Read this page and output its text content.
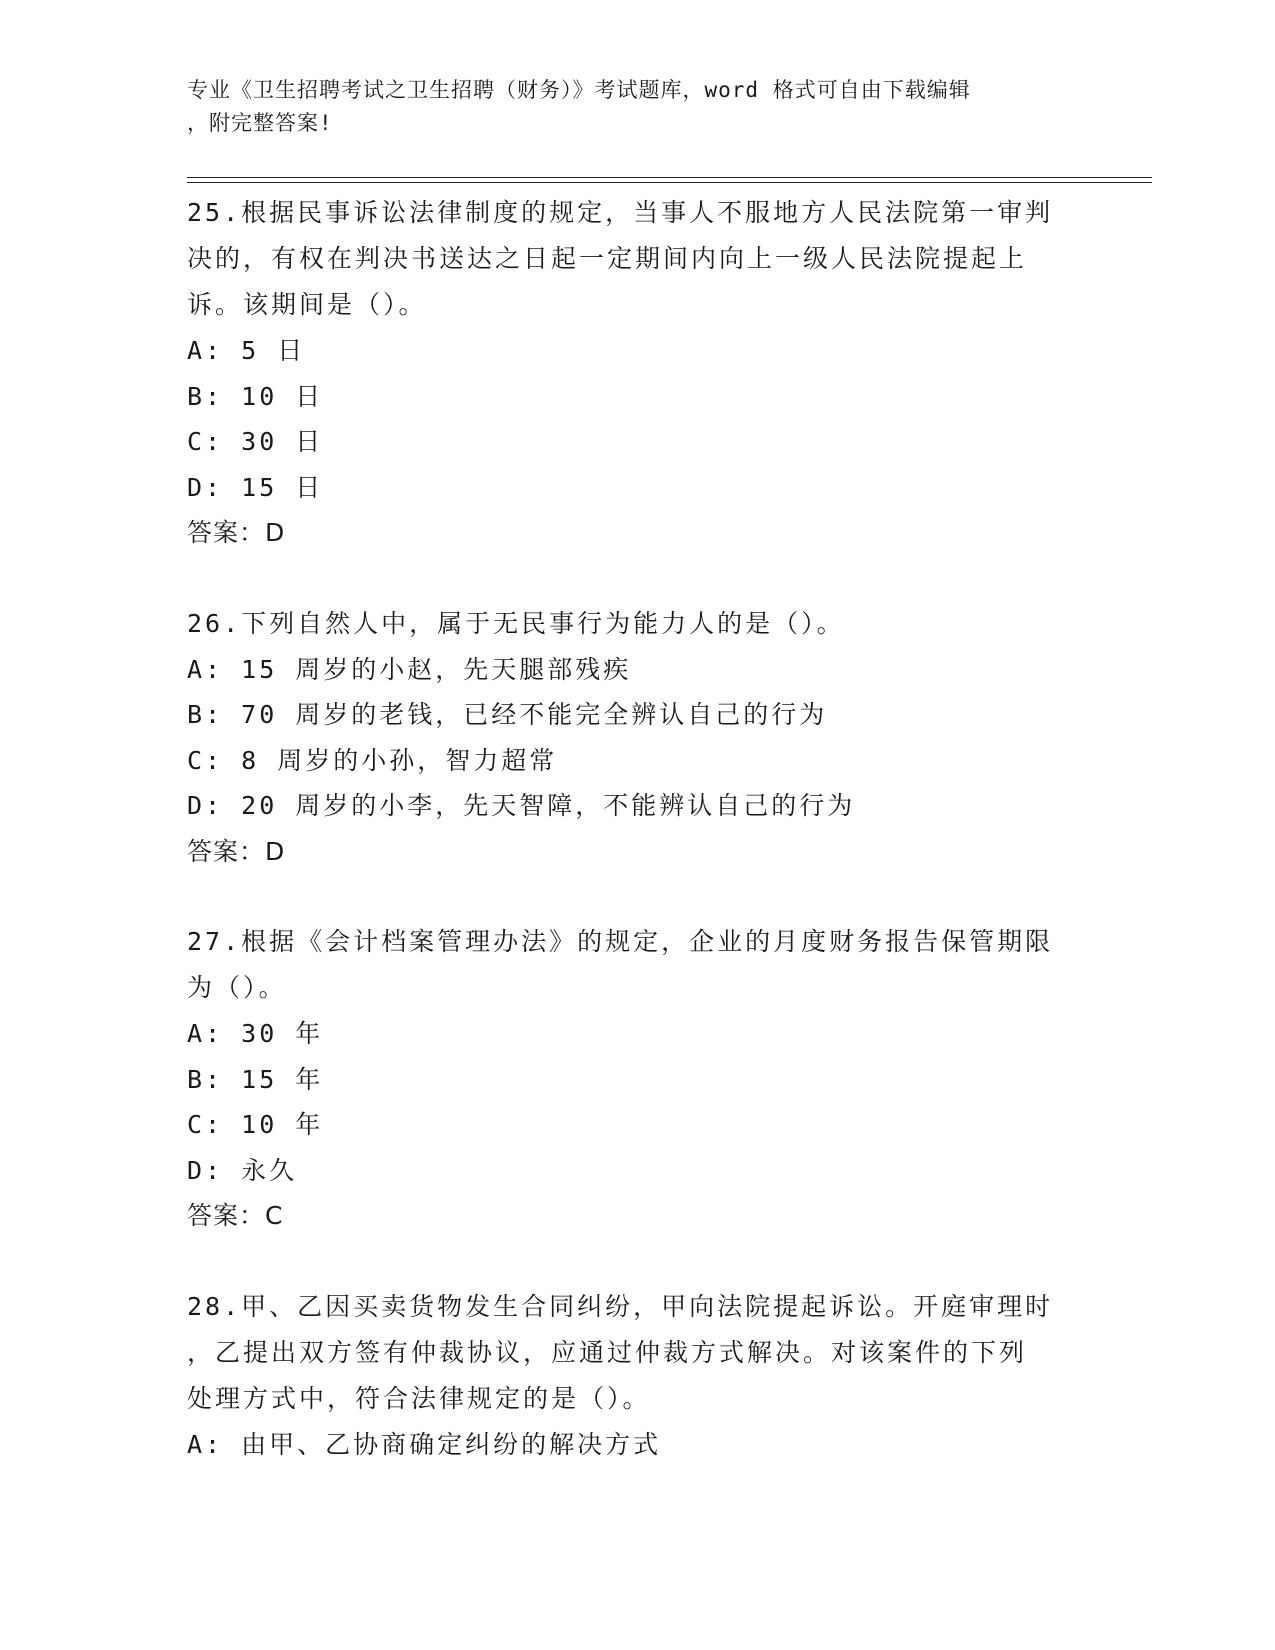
专业《卫生招聘考试之卫生招聘（财务）》考试题库，word 格式可自由下载编辑
，附完整答案!

25.根据民事诉讼法律制度的规定，当事人不服地方人民法院第一审判

决的，有权在判决书送达之日起一定期间内向上一级人民法院提起上

诉。该期间是（）。

A: 5 日

B: 10 日

C: 30 日

D: 15 日

答案：D

26.下列自然人中，属于无民事行为能力人的是（）。

A: 15 周岁的小赵，先天腿部残疾

B: 70 周岁的老钱，已经不能完全辨认自己的行为

C: 8 周岁的小孙，智力超常

D: 20 周岁的小李，先天智障，不能辨认自己的行为

答案：D

27.根据《会计档案管理办法》的规定，企业的月度财务报告保管期限

为（）。

A: 30 年

B: 15 年

C: 10 年

D: 永久

答案：C

28.甲、乙因买卖货物发生合同纠纷，甲向法院提起诉讼。开庭审理时

，乙提出双方签有仲裁协议，应通过仲裁方式解决。对该案件的下列

处理方式中，符合法律规定的是（）。

A: 由甲、乙协商确定纠纷的解决方式
